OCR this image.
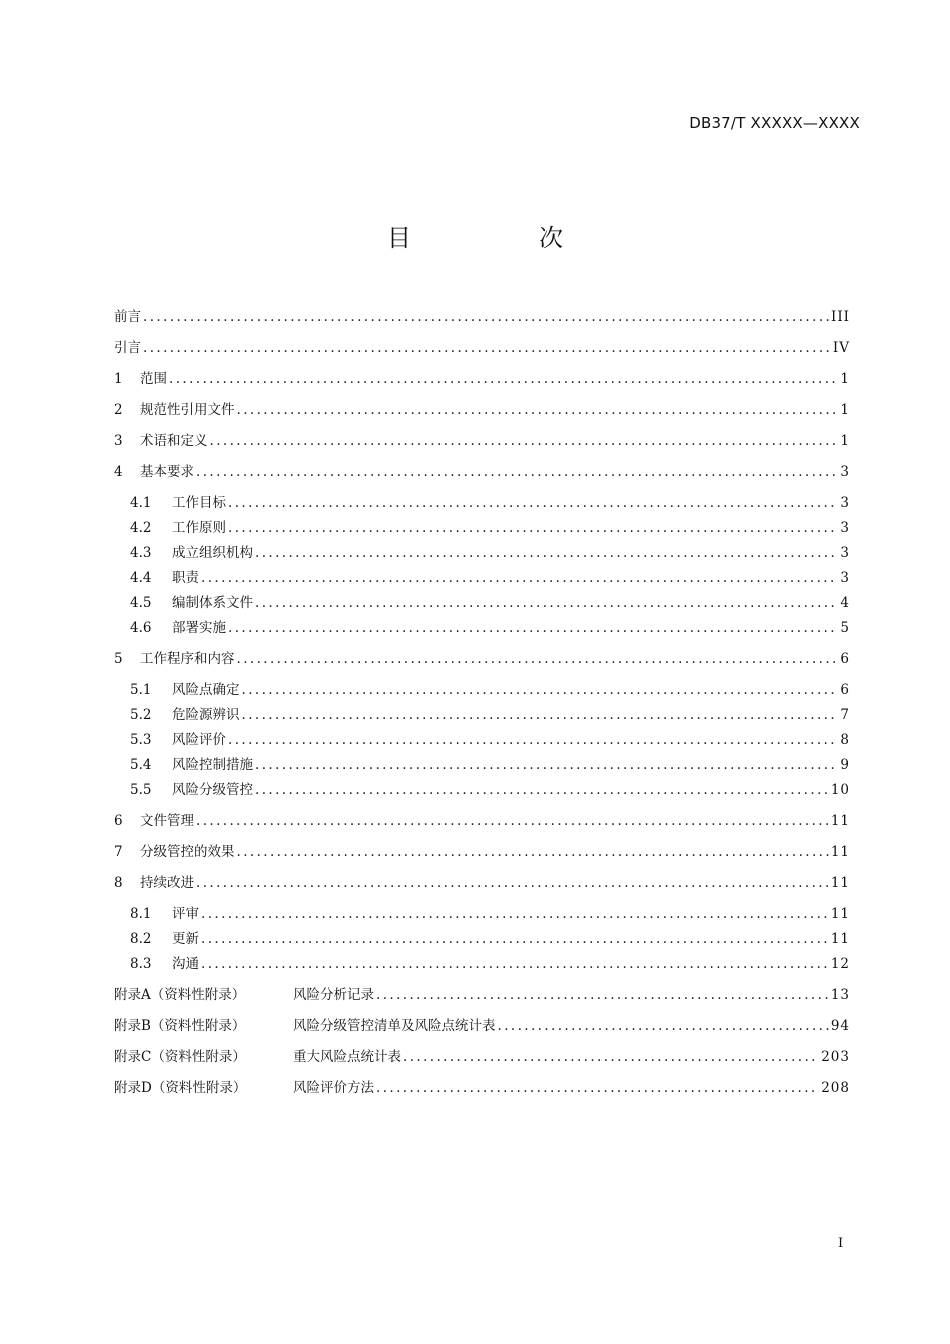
DB37/T XXXXX—XXXX
目　次
前言 .....	III
引言 .....	IV
1	范围 .....	1
2	规范性引用文件 .....	1
3	术语和定义 .....	1
4	基本要求 .....	3
4.1	工作目标 .....	3
4.2	工作原则 .....	3
4.3	成立组织机构 .....	3
4.4	职责 .....	3
4.5	编制体系文件 .....	4
4.6	部署实施 .....	5
5	工作程序和内容 .....	6
5.1	风险点确定 .....	6
5.2	危险源辨识 .....	7
5.3	风险评价 .....	8
5.4	风险控制措施 .....	9
5.5	风险分级管控 .....	10
6	文件管理 .....	11
7	分级管控的效果 .....	11
8	持续改进 .....	11
8.1	评审 .....	11
8.2	更新 .....	11
8.3	沟通 .....	12
附录A（资料性附录）	风险分析记录 .....	13
附录B（资料性附录）	风险分级管控清单及风险点统计表 .....	94
附录C（资料性附录）	重大风险点统计表 .....	203
附录D（资料性附录）	风险评价方法 .....	208
I
